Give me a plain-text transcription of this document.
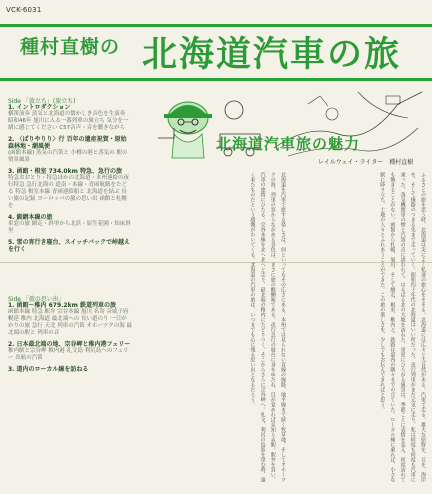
VCK-6031
種村直樹の 北海道汽車の旅
北海道汽車旅の魅力
レイルウェイ・ライター　種村直樹
Side 「旅立ち」(旅立ち)
1. イントロダクション
横笛演奏 蒸気と北海道の懐かしき音色を生演奏 昭和46年 旭川に入る一番列車の旅立ち 気分を一緒に感じてください C57音声・音を聴きながら
2. 〈ぱりやりり〉行 百年の遺産祝賀・原始森林地・潮風便
(函館本線) 蒸気の汽笛と 小樽の港と蒸気の 駅の情景風景
3. 函館・根室 734.0km 特急、急行の旅
特急おおとり・特急ほかの北海道・本州連絡の夜行特急 急行北海の 道南・本線・青函航路をたどる 特急 根室本線 青函連絡船と 北海道を結ぶ 長い旅の記録 ヨーロッパの旅の思い出 函館と札幌を
4. 釧網本線の旅
車窓の旅 網走・斜里から北浜・原生花園・知床斜里
5. 雪の宵行き寝台、スイッチバックで峠越えを行く
Side 「旅の思い出」
1. 函館〜稚内 679.2km 鉄道列車の旅
函館本線 特急 駅弁 宗谷本線 旭川 名寄 音威子府 幌延 稚内 北海道 最北端への 長い道のり 一日がかりの旅 急行 天北 列車の汽笛 オホーツクの海 最北端の駅と 列車の音
2. 日本最北端の地、宗谷岬と稚内港フェリー
稚内駅と宗谷岬 稚内港 礼文島 利尻島へのフェリー 出航の汽笛
3. 道内のローカル線を訪ねる	ふるさとの旅を思う時、北海道は実によく私達の旅心をそそる。北海道には広々と大自然がある。汽車で走る。雄大な原野を、丘を、海岸を、そして線路のつきる先まで走っていく。昭和四十年代の北海道はいい所だった。夜行列車がまだ元気に走り、私は何度も何度も汽車に乗った。蒸気機関車の煙と汽笛の音に誘われて、はるばる北の大地を訪ねた。車窓にひろがる風景は、季節ごとに表情を変え、何度訪れても飽きることがない。函館から札幌、旭川、そして網走、根室、稚内と、鉄路は道内の隅々までのびていた。ローカル線に乗れば、小さな駅に降り立ち、土地の人々とふれあうことができた。この旅の楽しさを、少しでもお伝えできればと思う。
北海道を汽車で旅する楽しさは、何といってもその広さにある。本州では見られない直線の線路、地平線まで続く牧草地、そしてオホーツクの海。列車の窓からながめる景色は、まさに旅の醍醐味である。夜行急行の寝台に身をゆだね、目が覚めれば見知らぬ駅。駅弁を買い、汽車の旅情にひたる。宗谷本線を北へ北へと走り、最北端の稚内にたどりつく。そこからさらに宗谷岬へ。礼文、利尻の島影を望む時、遠く来たものだという感慨がわいてくる。北海道の汽車の旅は、いつまでも心に残る思い出となるだろう。
